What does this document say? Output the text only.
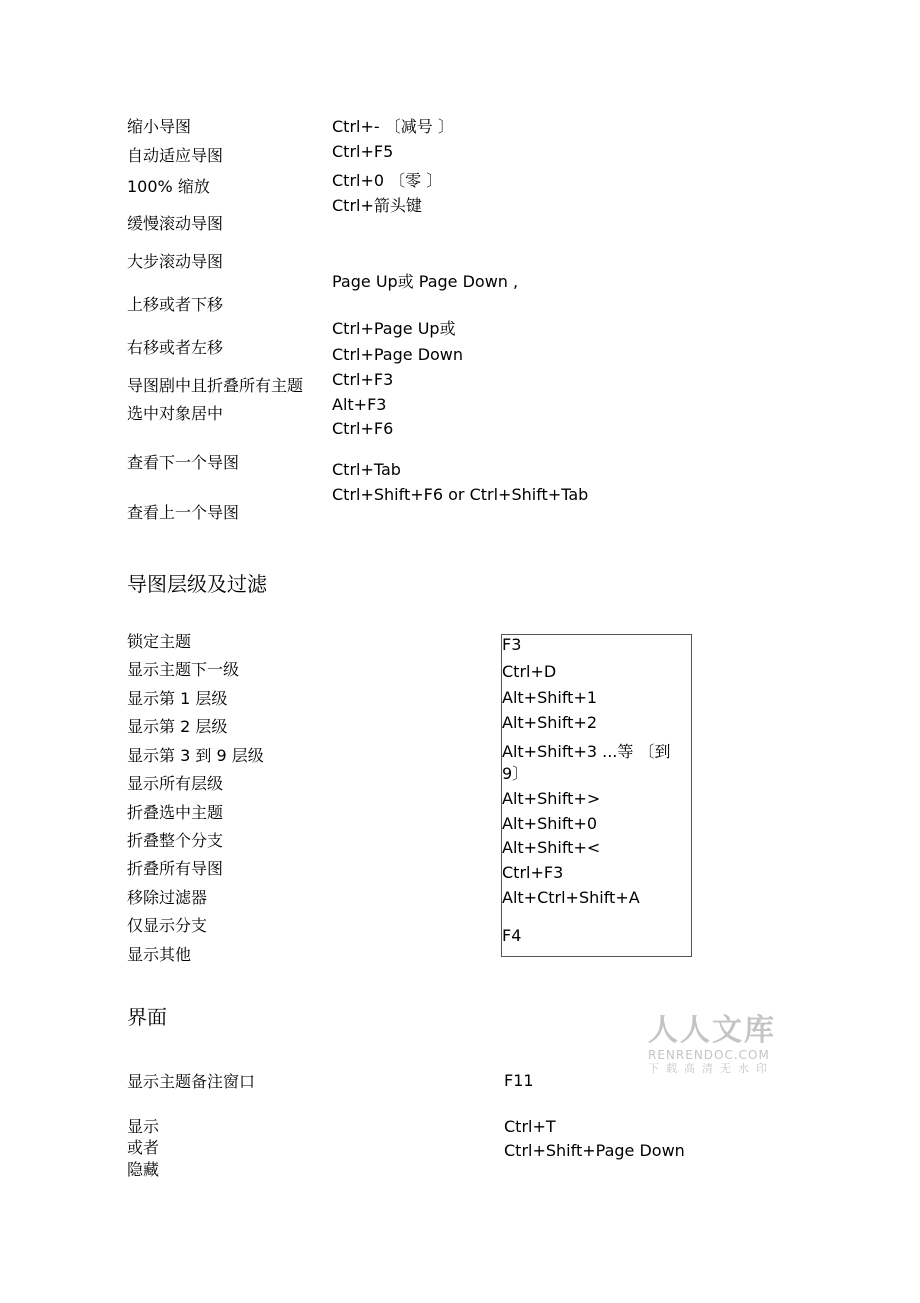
缩小导图
自动适应导图
100% 缩放
缓慢滚动导图
大步滚动导图
上移或者下移
右移或者左移
导图剧中且折叠所有主题
选中对象居中
查看下一个导图
查看上一个导图
Ctrl+- 〔减号 〕
Ctrl+F5
Ctrl+0 〔零 〕
Ctrl+箭头键
Page Up或 Page Down ,
Ctrl+Page Up或
Ctrl+Page Down
Ctrl+F3
Alt+F3
Ctrl+F6
Ctrl+Tab
Ctrl+Shift+F6 or Ctrl+Shift+Tab
导图层级及过滤
锁定主题
显示主题下一级
显示第 1 层级
显示第 2 层级
显示第 3 到 9 层级
显示所有层级
折叠选中主题
折叠整个分支
折叠所有导图
移除过滤器
仅显示分支
显示其他
F3
Ctrl+D
Alt+Shift+1
Alt+Shift+2
Alt+Shift+3 ...等 〔到
9〕
Alt+Shift+>
Alt+Shift+0
Alt+Shift+<
Ctrl+F3
Alt+Ctrl+Shift+A
F4
界面	人人文库
RENRENDOC.COM
下载高清无水印
显示主题备注窗口	F11
显示
或者
隐藏
Ctrl+T
Ctrl+Shift+Page Down
